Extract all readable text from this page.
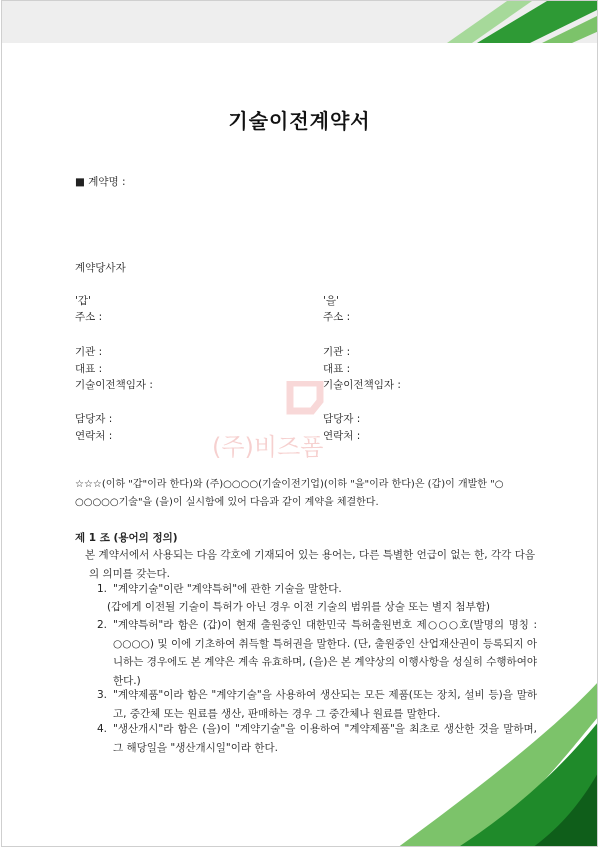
(주)비즈폼
기술이전계약서
■ 계약명 :
계약당사자
'갑'
주소 :
기관 :
대표 :
기술이전책임자 :
담당자 :
연락처 :
'을'
주소 :
기관 :
대표 :
기술이전책임자 :
담당자 :
연락처 :
☆☆☆(이하 "갑"이라 한다)와 (주)○○○○(기술이전기업)(이하 "을"이라 한다)은 (갑)이 개발한 "○
○○○○○기술"을 (을)이 실시함에 있어 다음과 같이 계약을 체결한다.
제 1 조 (용어의 정의)
본 계약서에서 사용되는 다음 각호에 기재되어 있는 용어는, 다른 특별한 언급이 없는 한, 각각 다음의 의미를 갖는다.
1. "계약기술"이란 "계약특허"에 관한 기술을 말한다.
(갑에게 이전될 기술이 특허가 아닌 경우 이전 기술의 범위를 상술 또는 별지 첨부함)
2. "계약특허"라 함은 (갑)이 현재 출원중인 대한민국 특허출원번호 제○○○호(발명의 명칭 : ○○○○) 및 이에 기초하여 취득할 특허권을 말한다. (단, 출원중인 산업재산권이 등록되지 아니하는 경우에도 본 계약은 계속 유효하며, (을)은 본 계약상의 이행사항을 성실히 수행하여야 한다.)
3. "계약제품"이라 함은 "계약기술"을 사용하여 생산되는 모든 제품(또는 장치, 설비 등)을 말하고, 중간체 또는 원료를 생산, 판매하는 경우 그 중간체나 원료를 말한다.
4. "생산개시"라 함은 (을)이 "계약기술"을 이용하여 "계약제품"을 최초로 생산한 것을 말하며, 그 해당일을 "생산개시일"이라 한다.
